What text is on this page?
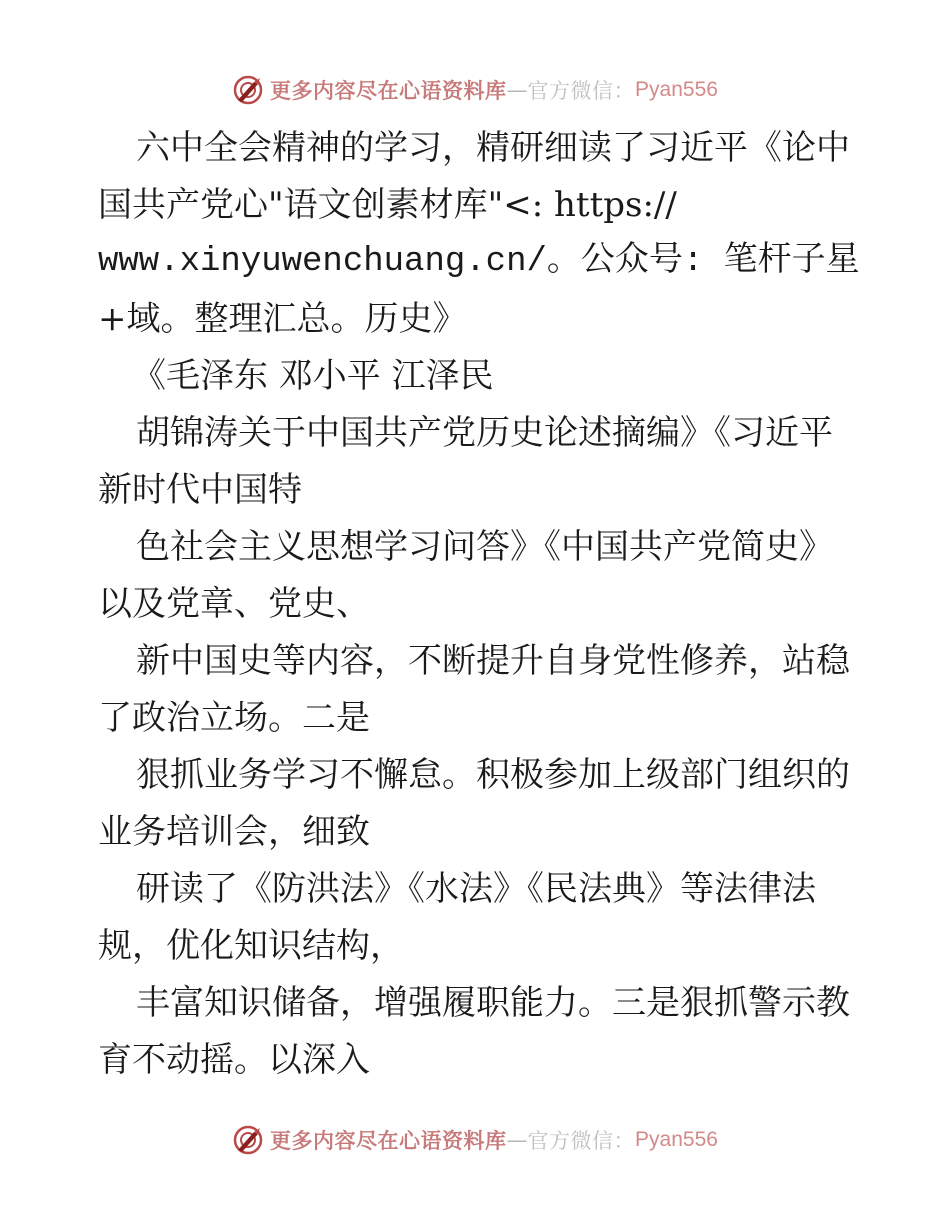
更多内容尽在心语资料库 — 官方微信： Pyan556
六中全会精神的学习，精研细读了习近平《论中
国共产党心"语文创素材库"<: https://
www.xinyuwenchuang.cn/。公众号: 笔杆子星
+域。整理汇总。历史》
《毛泽东 邓小平 江泽民
胡锦涛关于中国共产党历史论述摘编》《习近平
新时代中国特
色社会主义思想学习问答》《中国共产党简史》
以及党章、党史、
新中国史等内容，不断提升自身党性修养，站稳
了政治立场。二是
狠抓业务学习不懈怠。积极参加上级部门组织的
业务培训会，细致
研读了《防洪法》《水法》《民法典》等法律法
规，优化知识结构，
丰富知识储备，增强履职能力。三是狠抓警示教
育不动摇。以深入
更多内容尽在心语资料库 — 官方微信： Pyan556
